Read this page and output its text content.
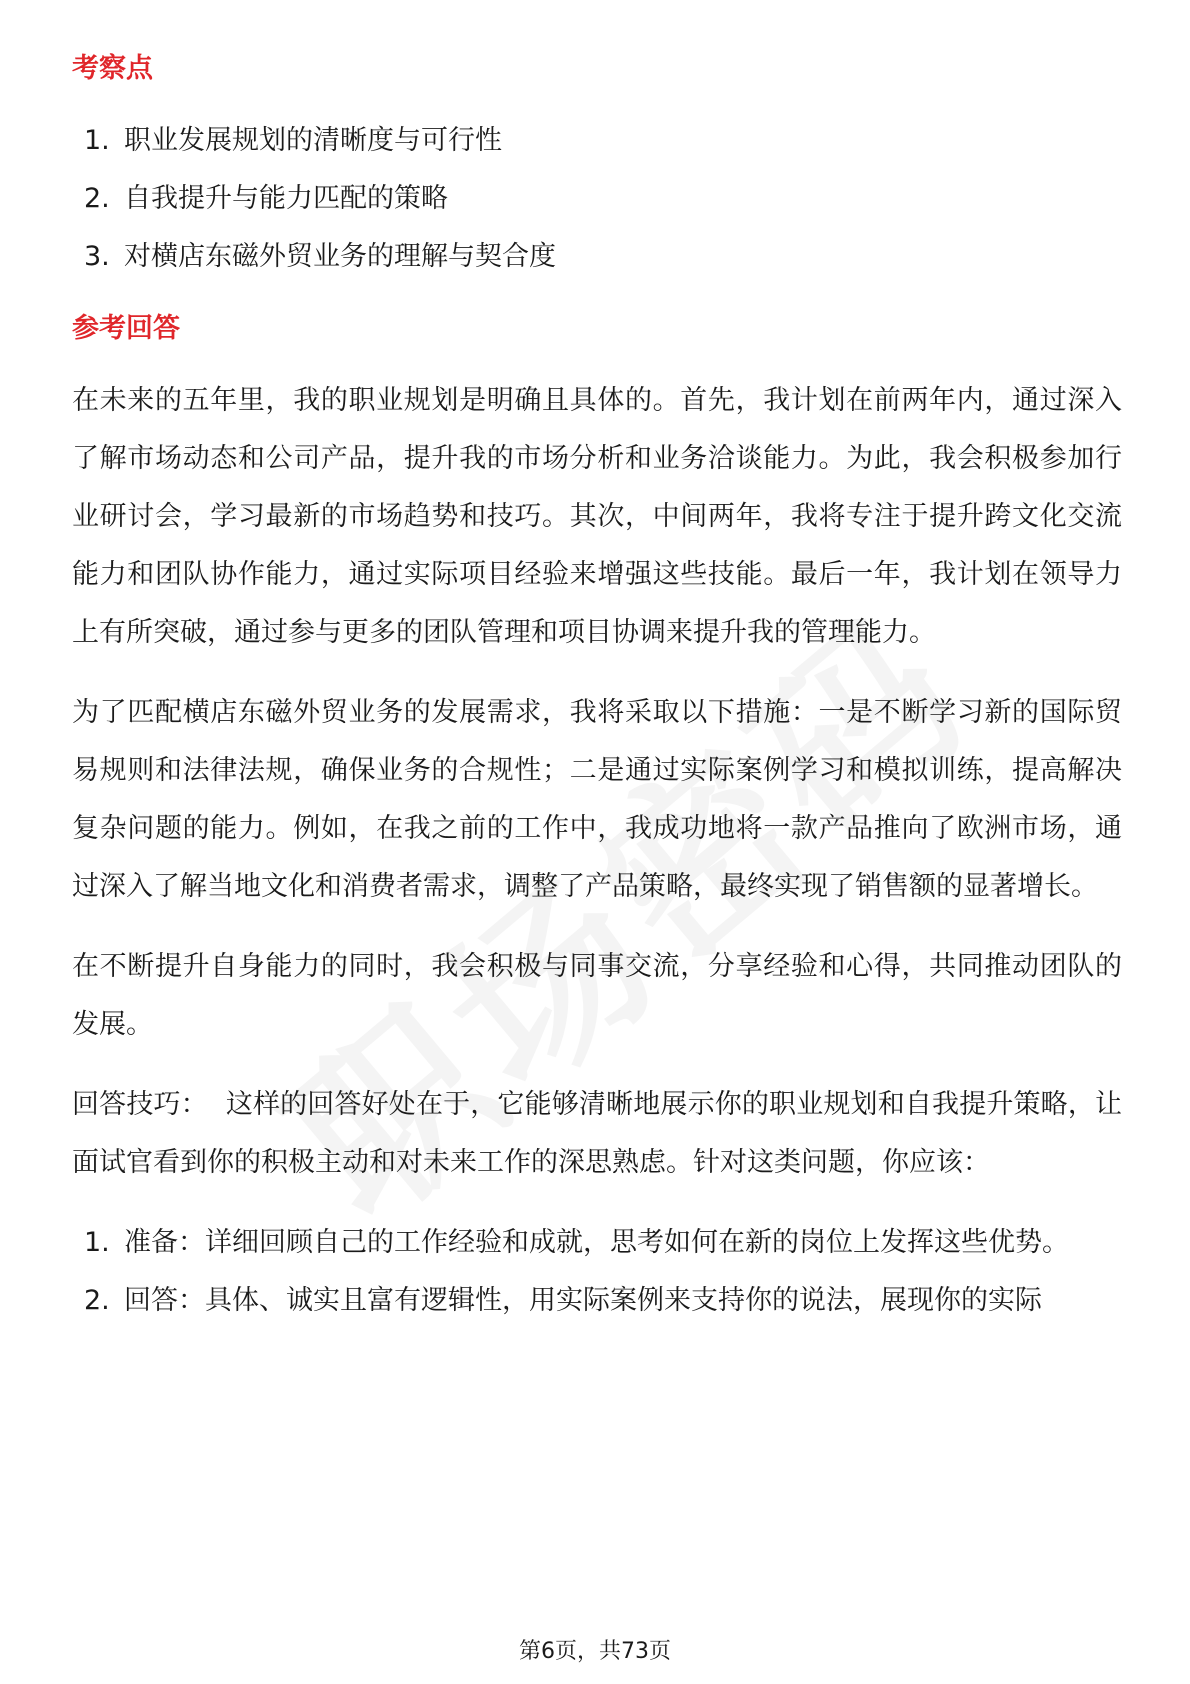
考察点
1. 职业发展规划的清晰度与可行性
2. 自我提升与能力匹配的策略
3. 对横店东磁外贸业务的理解与契合度
参考回答

在未来的五年里，我的职业规划是明确且具体的。首先，我计划在前两年内，通过深入了解市场动态和公司产品，提升我的市场分析和业务洽谈能力。为此，我会积极参加行业研讨会，学习最新的市场趋势和技巧。其次，中间两年，我将专注于提升跨文化交流能力和团队协作能力，通过实际项目经验来增强这些技能。最后一年，我计划在领导力上有所突破，通过参与更多的团队管理和项目协调来提升我的管理能力。

为了匹配横店东磁外贸业务的发展需求，我将采取以下措施：一是不断学习新的国际贸易规则和法律法规，确保业务的合规性；二是通过实际案例学习和模拟训练，提高解决复杂问题的能力。例如，在我之前的工作中，我成功地将一款产品推向了欧洲市场，通过深入了解当地文化和消费者需求，调整了产品策略，最终实现了销售额的显著增长。

在不断提升自身能力的同时，我会积极与同事交流，分享经验和心得，共同推动团队的发展。

回答技巧： 这样的回答好处在于，它能够清晰地展示你的职业规划和自我提升策略，让面试官看到你的积极主动和对未来工作的深思熟虑。针对这类问题，你应该：

1. 准备：详细回顾自己的工作经验和成就，思考如何在新的岗位上发挥这些优势。
2. 回答：具体、诚实且富有逻辑性，用实际案例来支持你的说法，展现你的实际
第6页，共73页
